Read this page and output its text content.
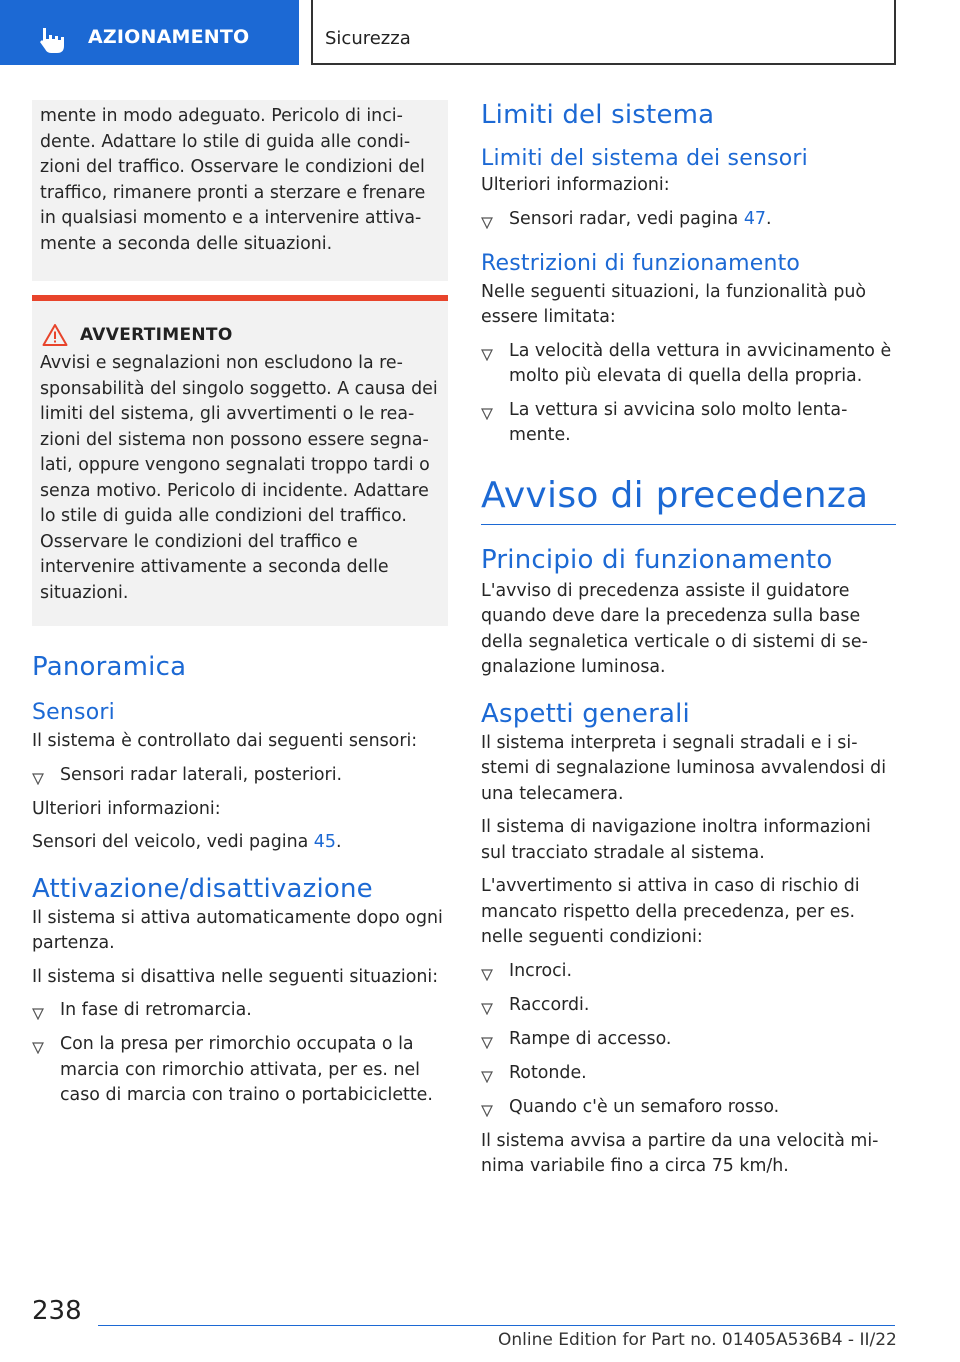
AZIONAMENTO	Sicurezza

mente in modo adeguato. Pericolo di incidente. Adattare lo stile di guida alle condizioni del traffico. Osservare le condizioni del traffico, rimanere pronti a sterzare e frenare in qualsiasi momento e a intervenire attivamente a seconda delle situazioni.

AVVERTIMENTO

Avvisi e segnalazioni non escludono la responsabilità del singolo soggetto. A causa dei limiti del sistema, gli avvertimenti o le reazioni del sistema non possono essere segnalati, oppure vengono segnalati troppo tardi o senza motivo. Pericolo di incidente. Adattare lo stile di guida alle condizioni del traffico. Osservare le condizioni del traffico e intervenire attivamente a seconda delle situazioni.

Panoramica
Sensori

Il sistema è controllato dai seguenti sensori:

Sensori radar laterali, posteriori.

Ulteriori informazioni:

Sensori del veicolo, vedi pagina 45.

Attivazione/disattivazione

Il sistema si attiva automaticamente dopo ogni partenza.

Il sistema si disattiva nelle seguenti situazioni:

In fase di retromarcia.
Con la presa per rimorchio occupata o la marcia con rimorchio attivata, per es. nel caso di marcia con traino o portabiciclette.
Limiti del sistema
Limiti del sistema dei sensori

Ulteriori informazioni:

Sensori radar, vedi pagina 47.
Restrizioni di funzionamento

Nelle seguenti situazioni, la funzionalità può essere limitata:

La velocità della vettura in avvicinamento è molto più elevata di quella della propria.
La vettura si avvicina solo molto lentamente.
Avviso di precedenza
Principio di funzionamento

L'avviso di precedenza assiste il guidatore quando deve dare la precedenza sulla base della segnaletica verticale o di sistemi di segnalazione luminosa.

Aspetti generali

Il sistema interpreta i segnali stradali e i sistemi di segnalazione luminosa avvalendosi di una telecamera.

Il sistema di navigazione inoltra informazioni sul tracciato stradale al sistema.

L'avvertimento si attiva in caso di rischio di mancato rispetto della precedenza, per es. nelle seguenti condizioni:

Incroci.
Raccordi.
Rampe di accesso.
Rotonde.
Quando c'è un semaforo rosso.

Il sistema avvisa a partire da una velocità minima variabile fino a circa 75 km/h.

238
Online Edition for Part no. 01405A536B4 - II/22
